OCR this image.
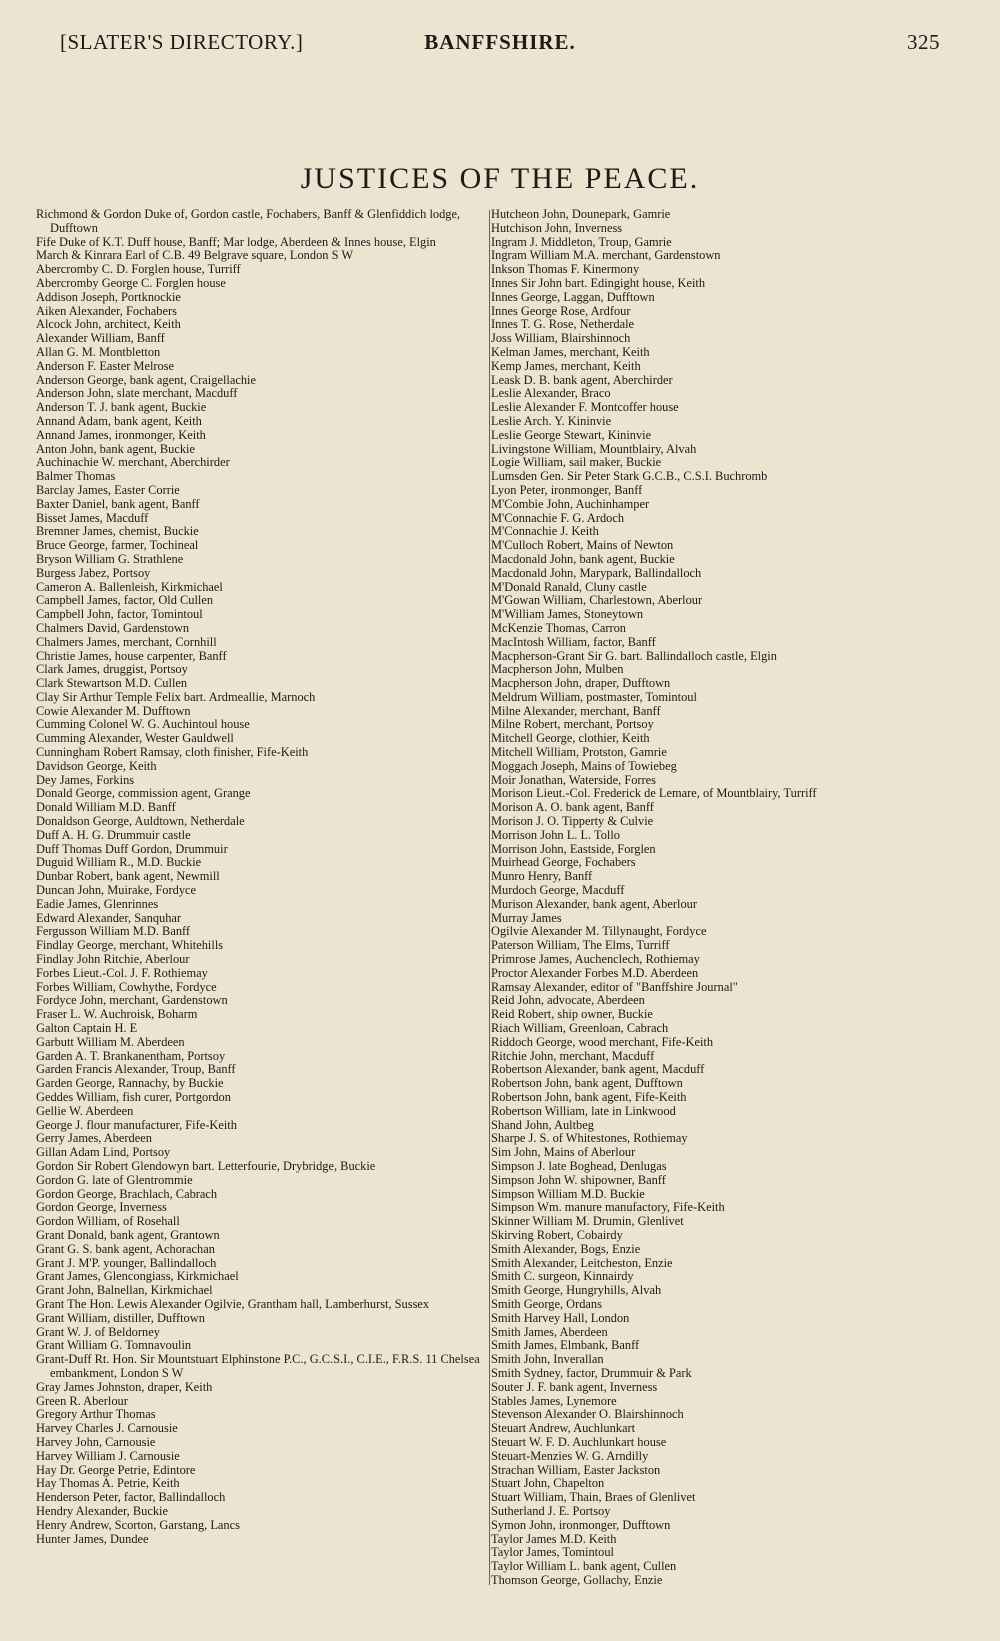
[SLATER'S DIRECTORY.]	BANFFSHIRE.	325
JUSTICES OF THE PEACE.
Richmond & Gordon Duke of, Gordon castle, Fochabers, Banff & Glenfiddich lodge, Dufftown
Fife Duke of K.T. Duff house, Banff; Mar lodge, Aberdeen & Innes house, Elgin
March & Kinrara Earl of C.B. 49 Belgrave square, London S W
Abercromby C. D. Forglen house, Turriff
Abercromby George C. Forglen house
Addison Joseph, Portknockie
Aiken Alexander, Fochabers
Alcock John, architect, Keith
Alexander William, Banff
Allan G. M. Montbletton
Anderson F. Easter Melrose
Anderson George, bank agent, Craigellachie
Anderson John, slate merchant, Macduff
Anderson T. J. bank agent, Buckie
Annand Adam, bank agent, Keith
Annand James, ironmonger, Keith
Anton John, bank agent, Buckie
Auchinachie W. merchant, Aberchirder
Balmer Thomas
Barclay James, Easter Corrie
Baxter Daniel, bank agent, Banff
Bisset James, Macduff
Bremner James, chemist, Buckie
Bruce George, farmer, Tochineal
Bryson William G. Strathlene
Burgess Jabez, Portsoy
Cameron A. Ballenleish, Kirkmichael
Campbell James, factor, Old Cullen
Campbell John, factor, Tomintoul
Chalmers David, Gardenstown
Chalmers James, merchant, Cornhill
Christie James, house carpenter, Banff
Clark James, druggist, Portsoy
Clark Stewartson M.D. Cullen
Clay Sir Arthur Temple Felix bart. Ardmeallie, Marnoch
Cowie Alexander M. Dufftown
Cumming Colonel W. G. Auchintoul house
Cumming Alexander, Wester Gauldwell
Cunningham Robert Ramsay, cloth finisher, Fife-Keith
Davidson George, Keith
Dey James, Forkins
Donald George, commission agent, Grange
Donald William M.D. Banff
Donaldson George, Auldtown, Netherdale
Duff A. H. G. Drummuir castle
Duff Thomas Duff Gordon, Drummuir
Duguid William R., M.D. Buckie
Dunbar Robert, bank agent, Newmill
Duncan John, Muirake, Fordyce
Eadie James, Glenrinnes
Edward Alexander, Sanquhar
Fergusson William M.D. Banff
Findlay George, merchant, Whitehills
Findlay John Ritchie, Aberlour
Forbes Lieut.-Col. J. F. Rothiemay
Forbes William, Cowhythe, Fordyce
Fordyce John, merchant, Gardenstown
Fraser L. W. Auchroisk, Boharm
Galton Captain H. E
Garbutt William M. Aberdeen
Garden A. T. Brankanentham, Portsoy
Garden Francis Alexander, Troup, Banff
Garden George, Rannachy, by Buckie
Geddes William, fish curer, Portgordon
Gellie W. Aberdeen
George J. flour manufacturer, Fife-Keith
Gerry James, Aberdeen
Gillan Adam Lind, Portsoy
Gordon Sir Robert Glendowyn bart. Letterfourie, Drybridge, Buckie
Gordon G. late of Glentrommie
Gordon George, Brachlach, Cabrach
Gordon George, Inverness
Gordon William, of Rosehall
Grant Donald, bank agent, Grantown
Grant G. S. bank agent, Achorachan
Grant J. M'P. younger, Ballindalloch
Grant James, Glencongiass, Kirkmichael
Grant John, Balnellan, Kirkmichael
Grant The Hon. Lewis Alexander Ogilvie, Grantham hall, Lamberhurst, Sussex
Grant William, distiller, Dufftown
Grant W. J. of Beldorney
Grant William G. Tomnavoulin
Grant-Duff Rt. Hon. Sir Mountstuart Elphinstone P.C., G.C.S.I., C.I.E., F.R.S. 11 Chelsea embankment, London S W
Gray James Johnston, draper, Keith
Green R. Aberlour
Gregory Arthur Thomas
Harvey Charles J. Carnousie
Harvey John, Carnousie
Harvey William J. Carnousie
Hay Dr. George Petrie, Edintore
Hay Thomas A. Petrie, Keith
Henderson Peter, factor, Ballindalloch
Hendry Alexander, Buckie
Henry Andrew, Scorton, Garstang, Lancs
Hunter James, Dundee
Hutcheon John, Dounepark, Gamrie
Hutchison John, Inverness
Ingram J. Middleton, Troup, Gamrie
Ingram William M.A. merchant, Gardenstown
Inkson Thomas F. Kinermony
Innes Sir John bart. Edingight house, Keith
Innes George, Laggan, Dufftown
Innes George Rose, Ardfour
Innes T. G. Rose, Netherdale
Joss William, Blairshinnoch
Kelman James, merchant, Keith
Kemp James, merchant, Keith
Leask D. B. bank agent, Aberchirder
Leslie Alexander, Braco
Leslie Alexander F. Montcoffer house
Leslie Arch. Y. Kininvie
Leslie George Stewart, Kininvie
Livingstone William, Mountblairy, Alvah
Logie William, sail maker, Buckie
Lumsden Gen. Sir Peter Stark G.C.B., C.S.I. Buchromb
Lyon Peter, ironmonger, Banff
M'Combie John, Auchinhamper
M'Connachie F. G. Ardoch
M'Connachie J. Keith
M'Culloch Robert, Mains of Newton
Macdonald John, bank agent, Buckie
Macdonald John, Marypark, Ballindalloch
M'Donald Ranald, Cluny castle
M'Gowan William, Charlestown, Aberlour
M'William James, Stoneytown
McKenzie Thomas, Carron
MacIntosh William, factor, Banff
Macpherson-Grant Sir G. bart. Ballindalloch castle, Elgin
Macpherson John, Mulben
Macpherson John, draper, Dufftown
Meldrum William, postmaster, Tomintoul
Milne Alexander, merchant, Banff
Milne Robert, merchant, Portsoy
Mitchell George, clothier, Keith
Mitchell William, Protston, Gamrie
Moggach Joseph, Mains of Towiebeg
Moir Jonathan, Waterside, Forres
Morison Lieut.-Col. Frederick de Lemare, of Mountblairy, Turriff
Morison A. O. bank agent, Banff
Morison J. O. Tipperty & Culvie
Morrison John L. L. Tollo
Morrison John, Eastside, Forglen
Muirhead George, Fochabers
Munro Henry, Banff
Murdoch George, Macduff
Murison Alexander, bank agent, Aberlour
Murray James
Ogilvie Alexander M. Tillynaught, Fordyce
Paterson William, The Elms, Turriff
Primrose James, Auchenclech, Rothiemay
Proctor Alexander Forbes M.D. Aberdeen
Ramsay Alexander, editor of "Banffshire Journal"
Reid John, advocate, Aberdeen
Reid Robert, ship owner, Buckie
Riach William, Greenloan, Cabrach
Riddoch George, wood merchant, Fife-Keith
Ritchie John, merchant, Macduff
Robertson Alexander, bank agent, Macduff
Robertson John, bank agent, Dufftown
Robertson John, bank agent, Fife-Keith
Robertson William, late in Linkwood
Shand John, Aultbeg
Sharpe J. S. of Whitestones, Rothiemay
Sim John, Mains of Aberlour
Simpson J. late Boghead, Denlugas
Simpson John W. shipowner, Banff
Simpson William M.D. Buckie
Simpson Wm. manure manufactory, Fife-Keith
Skinner William M. Drumin, Glenlivet
Skirving Robert, Cobairdy
Smith Alexander, Bogs, Enzie
Smith Alexander, Leitcheston, Enzie
Smith C. surgeon, Kinnairdy
Smith George, Hungryhills, Alvah
Smith George, Ordans
Smith Harvey Hall, London
Smith James, Aberdeen
Smith James, Elmbank, Banff
Smith John, Inverallan
Smith Sydney, factor, Drummuir & Park
Souter J. F. bank agent, Inverness
Stables James, Lynemore
Stevenson Alexander O. Blairshinnoch
Steuart Andrew, Auchlunkart
Steuart W. F. D. Auchlunkart house
Steuart-Menzies W. G. Arndilly
Strachan William, Easter Jackston
Stuart John, Chapelton
Stuart William, Thain, Braes of Glenlivet
Sutherland J. E. Portsoy
Symon John, ironmonger, Dufftown
Taylor James M.D. Keith
Taylor James, Tomintoul
Taylor William L. bank agent, Cullen
Thomson George, Gollachy, Enzie
